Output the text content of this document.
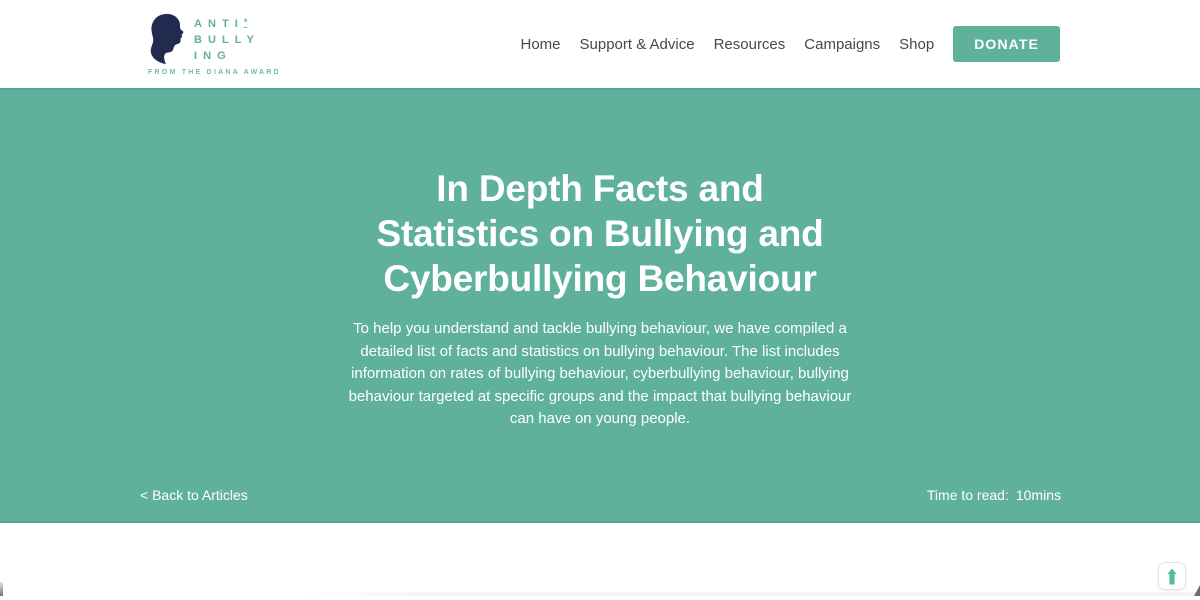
ANTI *
BULLY
ING
FROM THE DIANA AWARD
Home Support & Advice Resources Campaigns Shop	DONATE
In Depth Facts and
Statistics on Bullying and
Cyberbullying Behaviour

To help you understand and tackle bullying behaviour, we have compiled a detailed list of facts and statistics on bullying behaviour. The list includes information on rates of bullying behaviour, cyberbullying behaviour, bullying behaviour targeted at specific groups and the impact that bullying behaviour can have on young people.

< Back to Articles	Time to read: 10mins
